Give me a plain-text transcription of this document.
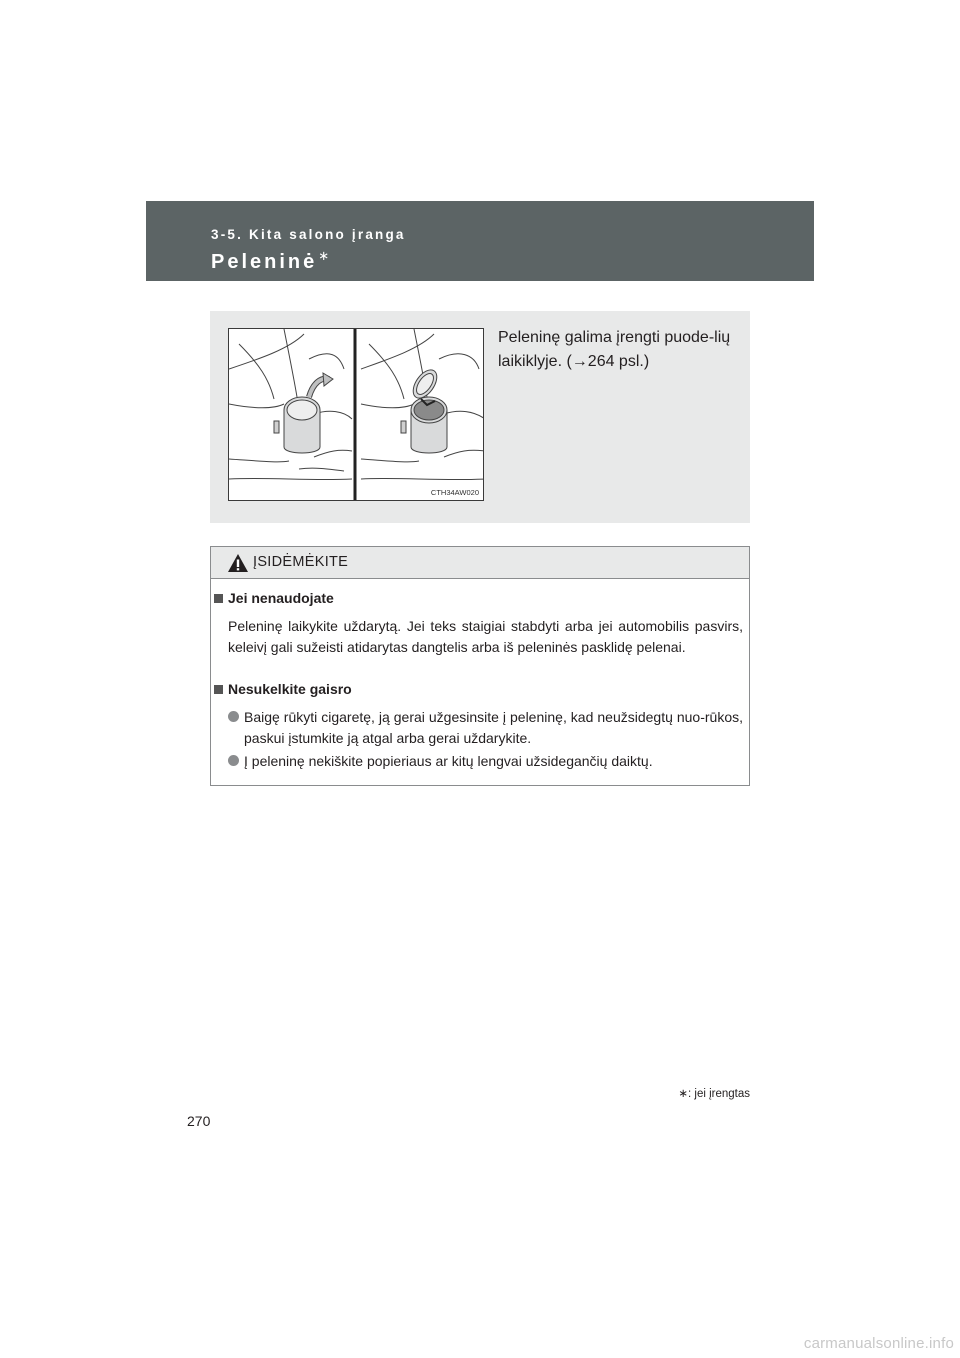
3-5. Kita salono įranga
Peleninė∗
CTH34AW020
Peleninę galima įrengti puode-lių laikiklyje. (→264 psl.)
ĮSIDĖMĖKITE
Jei nenaudojate
Peleninę laikykite uždarytą. Jei teks staigiai stabdyti arba jei automobilis pasvirs, keleivį gali sužeisti atidarytas dangtelis arba iš peleninės pasklidę pelenai.
Nesukelkite gaisro
Baigę rūkyti cigaretę, ją gerai užgesinsite į peleninę, kad neužsidegtų nuo-rūkos, paskui įstumkite ją atgal arba gerai uždarykite.
Į peleninę nekiškite popieriaus ar kitų lengvai užsidegančių daiktų.
∗: jei įrengtas
270
carmanualsonline.info
